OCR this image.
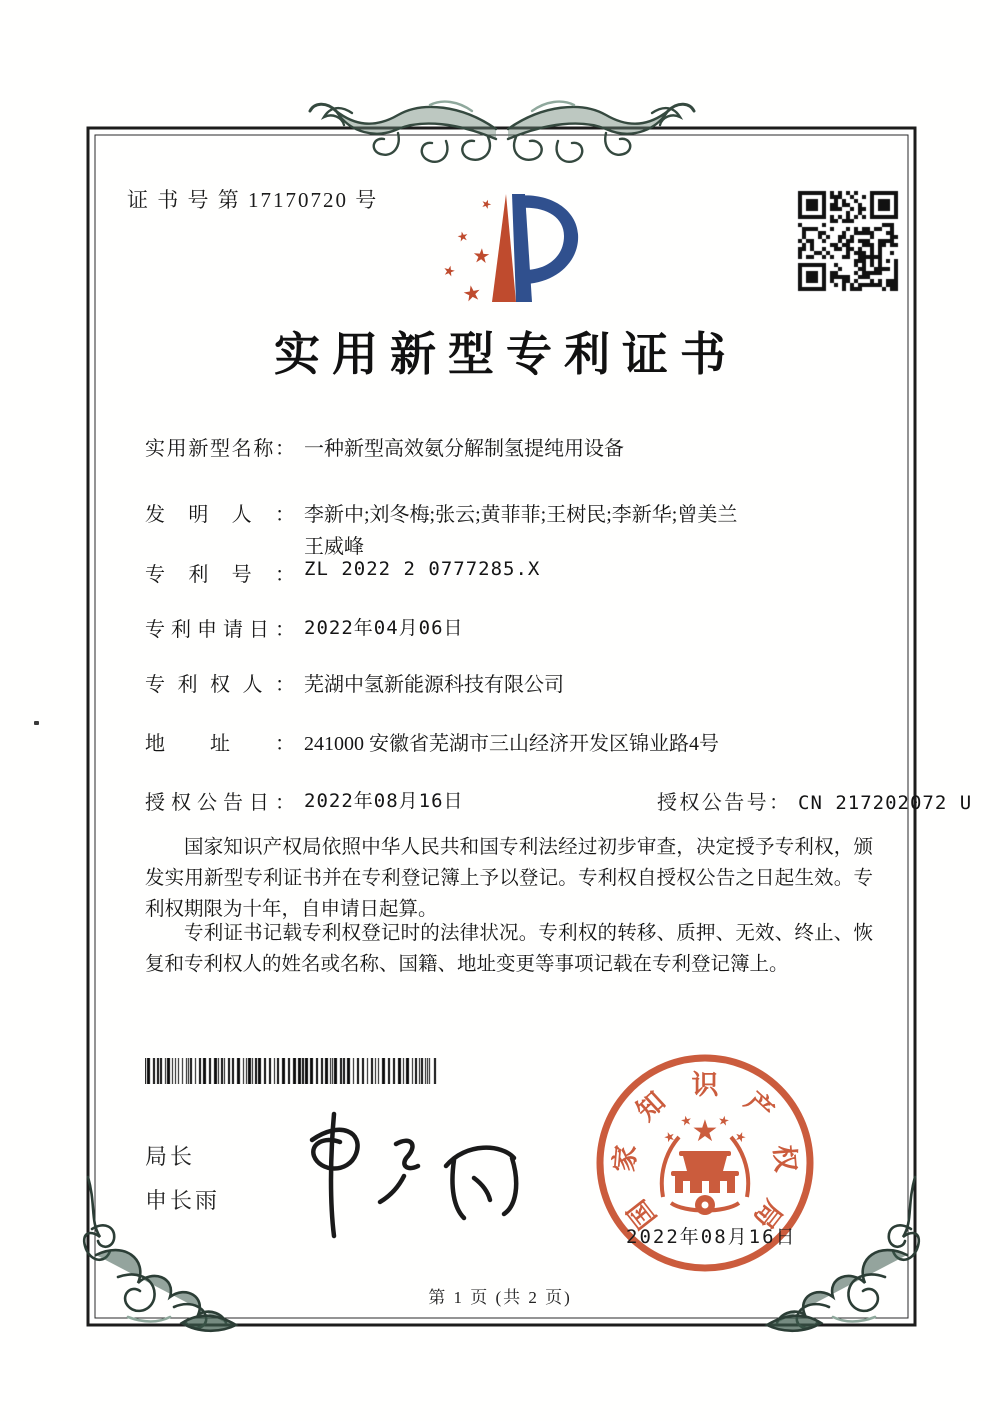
证 书 号 第 17170720 号	★
★
★
★
★
实用新型专利证书
实用新型名称： 一种新型高效氨分解制氢提纯用设备
发明人： 李新中;刘冬梅;张云;黄菲菲;王树民;李新华;曾美兰
王威峰
专利号： ZL 2022 2 0777285.X
专利申请日： 2022年04月06日
专利权人： 芜湖中氢新能源科技有限公司
地址： 241000 安徽省芜湖市三山经济开发区锦业路4号
授权公告日： 2022年08月16日	授权公告号： CN 217202072 U
国家知识产权局依照中华人民共和国专利法经过初步审查，决定授予专利权，颁发实用新型专利证书并在专利登记簿上予以登记。专利权自授权公告之日起生效。专利权期限为十年，自申请日起算。
专利证书记载专利权登记时的法律状况。专利权的转移、质押、无效、终止、恢复和专利权人的姓名或名称、国籍、地址变更等事项记载在专利登记簿上。
局长
申长雨
★
★
★ ★
★
国
家
知
识
产
权
局
2022年08月16日
第 1 页 (共 2 页)
